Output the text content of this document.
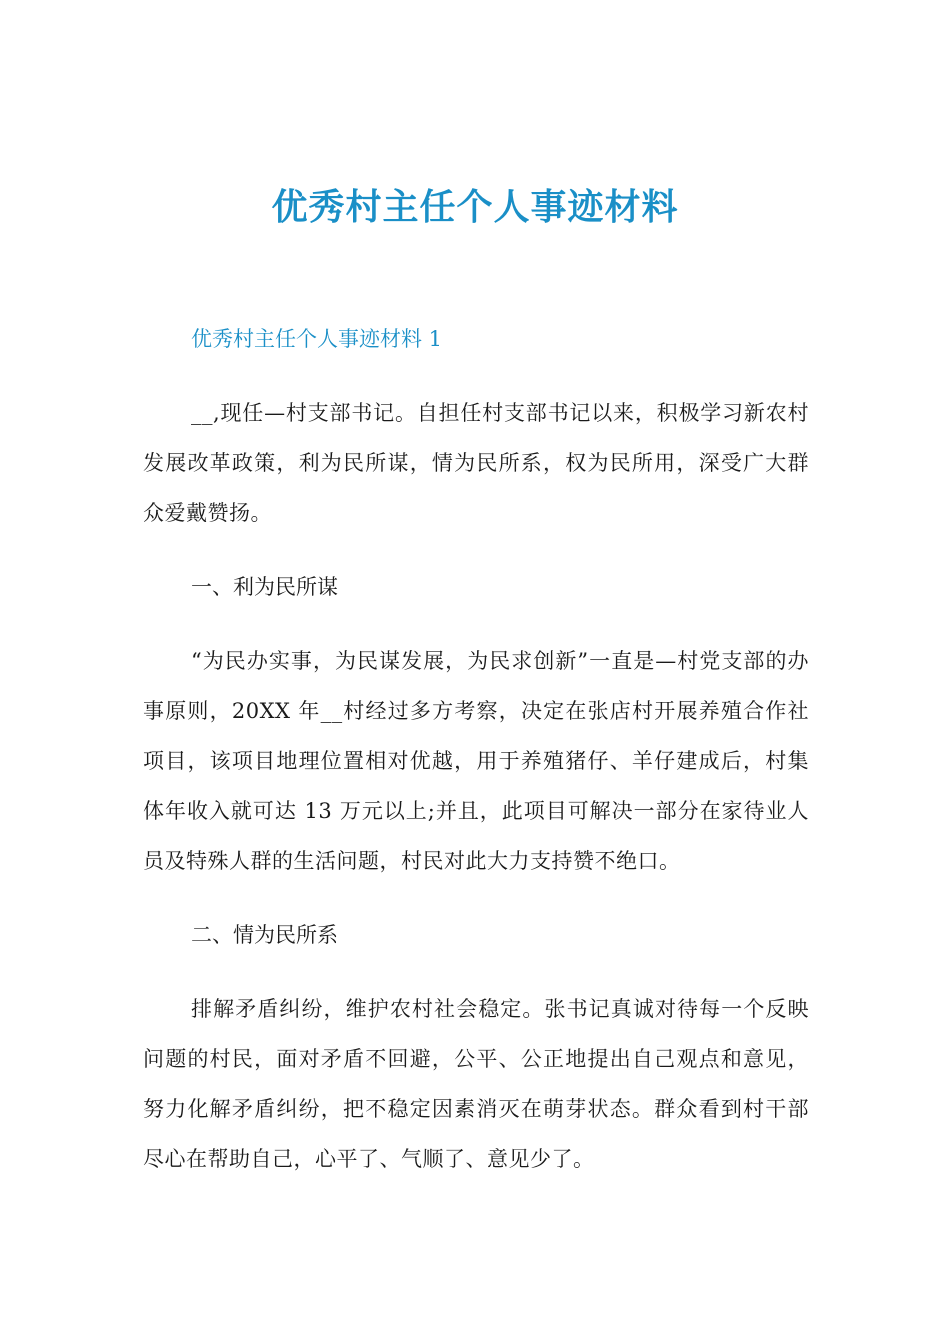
优秀村主任个人事迹材料

优秀村主任个人事迹材料 1

__,现任—村支部书记。自担任村支部书记以来，积极学习新农村发展改革政策，利为民所谋，情为民所系，权为民所用，深受广大群众爱戴赞扬。

一、利为民所谋

“为民办实事，为民谋发展，为民求创新”一直是—村党支部的办事原则，20XX 年__村经过多方考察，决定在张店村开展养殖合作社项目，该项目地理位置相对优越，用于养殖猪仔、羊仔建成后，村集体年收入就可达 13 万元以上;并且，此项目可解决一部分在家待业人员及特殊人群的生活问题，村民对此大力支持赞不绝口。

二、情为民所系

排解矛盾纠纷，维护农村社会稳定。张书记真诚对待每一个反映问题的村民，面对矛盾不回避，公平、公正地提出自己观点和意见，努力化解矛盾纠纷，把不稳定因素消灭在萌芽状态。群众看到村干部尽心在帮助自己，心平了、气顺了、意见少了。
